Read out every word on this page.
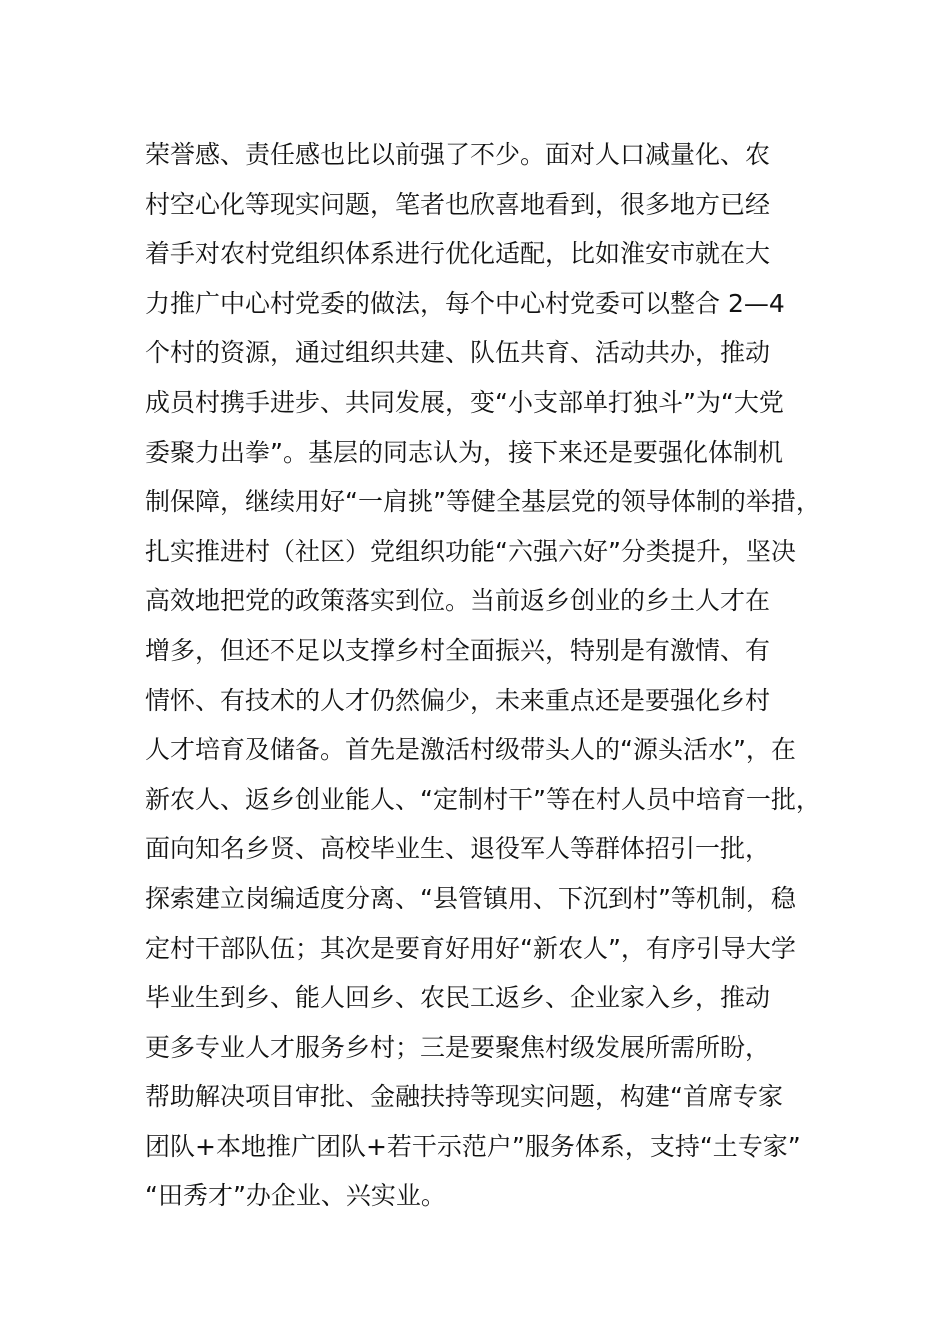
荣誉感、责任感也比以前强了不少。面对人口减量化、农
村空心化等现实问题，笔者也欣喜地看到，很多地方已经
着手对农村党组织体系进行优化适配，比如淮安市就在大
力推广中心村党委的做法，每个中心村党委可以整合 2—4
个村的资源，通过组织共建、队伍共育、活动共办，推动
成员村携手进步、共同发展，变“小支部单打独斗”为“大党
委聚力出拳”。基层的同志认为，接下来还是要强化体制机
制保障，继续用好“一肩挑”等健全基层党的领导体制的举措，
扎实推进村（社区）党组织功能“六强六好”分类提升，坚决
高效地把党的政策落实到位。当前返乡创业的乡土人才在
增多，但还不足以支撑乡村全面振兴，特别是有激情、有
情怀、有技术的人才仍然偏少，未来重点还是要强化乡村
人才培育及储备。首先是激活村级带头人的“源头活水”，在
新农人、返乡创业能人、“定制村干”等在村人员中培育一批，
面向知名乡贤、高校毕业生、退役军人等群体招引一批，
探索建立岗编适度分离、“县管镇用、下沉到村”等机制，稳
定村干部队伍；其次是要育好用好“新农人”，有序引导大学
毕业生到乡、能人回乡、农民工返乡、企业家入乡，推动
更多专业人才服务乡村；三是要聚焦村级发展所需所盼，
帮助解决项目审批、金融扶持等现实问题，构建“首席专家
团队+本地推广团队+若干示范户”服务体系，支持“土专家”
“田秀才”办企业、兴实业。
